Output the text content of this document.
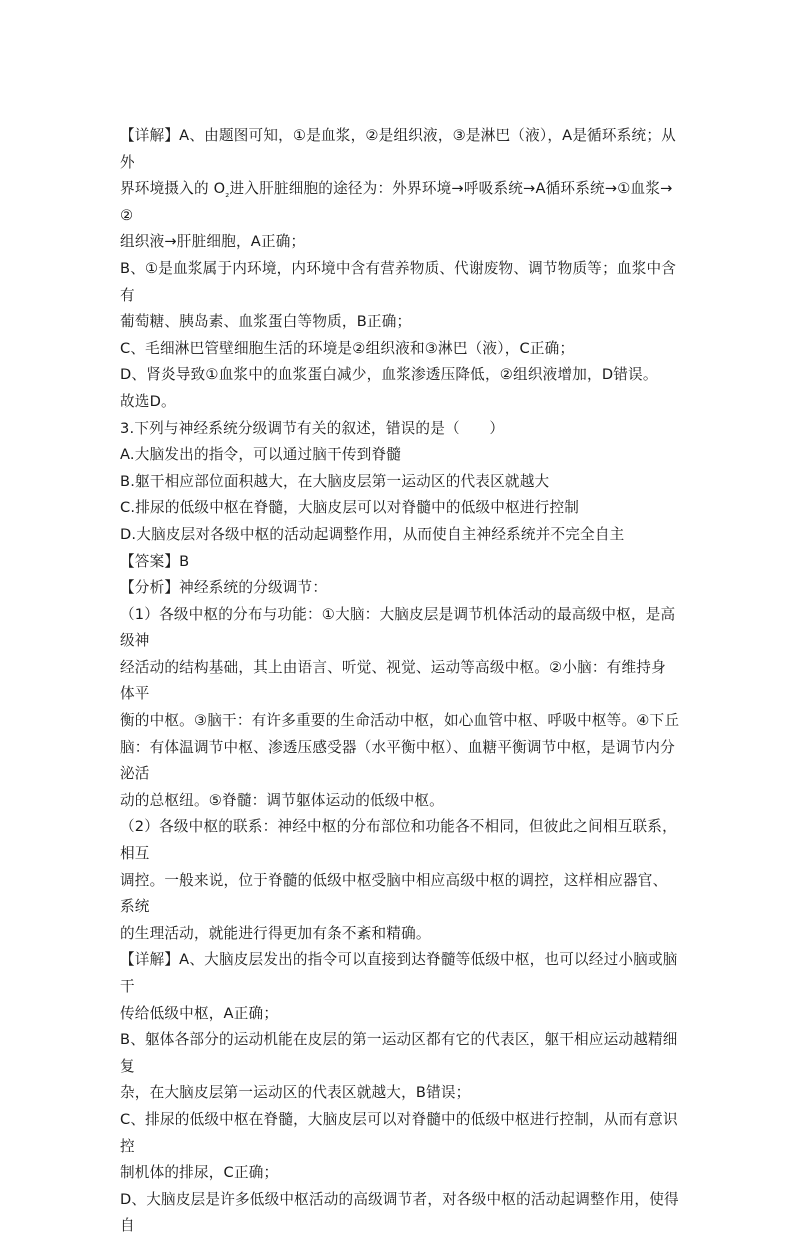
【详解】A、由题图可知，①是血浆，②是组织液，③是淋巴（液），A是循环系统；从外
界环境摄入的 $O_{_2}$进入肝脏细胞的途径为：外界环境→呼吸系统→A循环系统→①血浆→②
组织液→肝脏细胞，A正确；

B、①是血浆属于内环境，内环境中含有营养物质、代谢废物、调节物质等；血浆中含有
葡萄糖、胰岛素、血浆蛋白等物质，B正确；

C、毛细淋巴管壁细胞生活的环境是②组织液和③淋巴（液），C正确；

D、肾炎导致①血浆中的血浆蛋白减少，血浆渗透压降低，②组织液增加，D错误。

故选D。

3.下列与神经系统分级调节有关的叙述，错误的是（　　）

A.大脑发出的指令，可以通过脑干传到脊髓

B.躯干相应部位面积越大，在大脑皮层第一运动区的代表区就越大

C.排尿的低级中枢在脊髓，大脑皮层可以对脊髓中的低级中枢进行控制

D.大脑皮层对各级中枢的活动起调整作用，从而使自主神经系统并不完全自主

【答案】B

【分析】神经系统的分级调节：

（1）各级中枢的分布与功能：①大脑：大脑皮层是调节机体活动的最高级中枢，是高级神
经活动的结构基础，其上由语言、听觉、视觉、运动等高级中枢。②小脑：有维持身体平
衡的中枢。③脑干：有许多重要的生命活动中枢，如心血管中枢、呼吸中枢等。④下丘
脑：有体温调节中枢、渗透压感受器（水平衡中枢）、血糖平衡调节中枢，是调节内分泌活
动的总枢纽。⑤脊髓：调节躯体运动的低级中枢。

（2）各级中枢的联系：神经中枢的分布部位和功能各不相同，但彼此之间相互联系，相互
调控。一般来说，位于脊髓的低级中枢受脑中相应高级中枢的调控，这样相应器官、系统
的生理活动，就能进行得更加有条不紊和精确。

【详解】A、大脑皮层发出的指令可以直接到达脊髓等低级中枢，也可以经过小脑或脑干
传给低级中枢，A正确；

B、躯体各部分的运动机能在皮层的第一运动区都有它的代表区，躯干相应运动越精细复
杂，在大脑皮层第一运动区的代表区就越大，B错误；

C、排尿的低级中枢在脊髓，大脑皮层可以对脊髓中的低级中枢进行控制，从而有意识控
制机体的排尿，C正确；

D、大脑皮层是许多低级中枢活动的高级调节者，对各级中枢的活动起调整作用，使得自
